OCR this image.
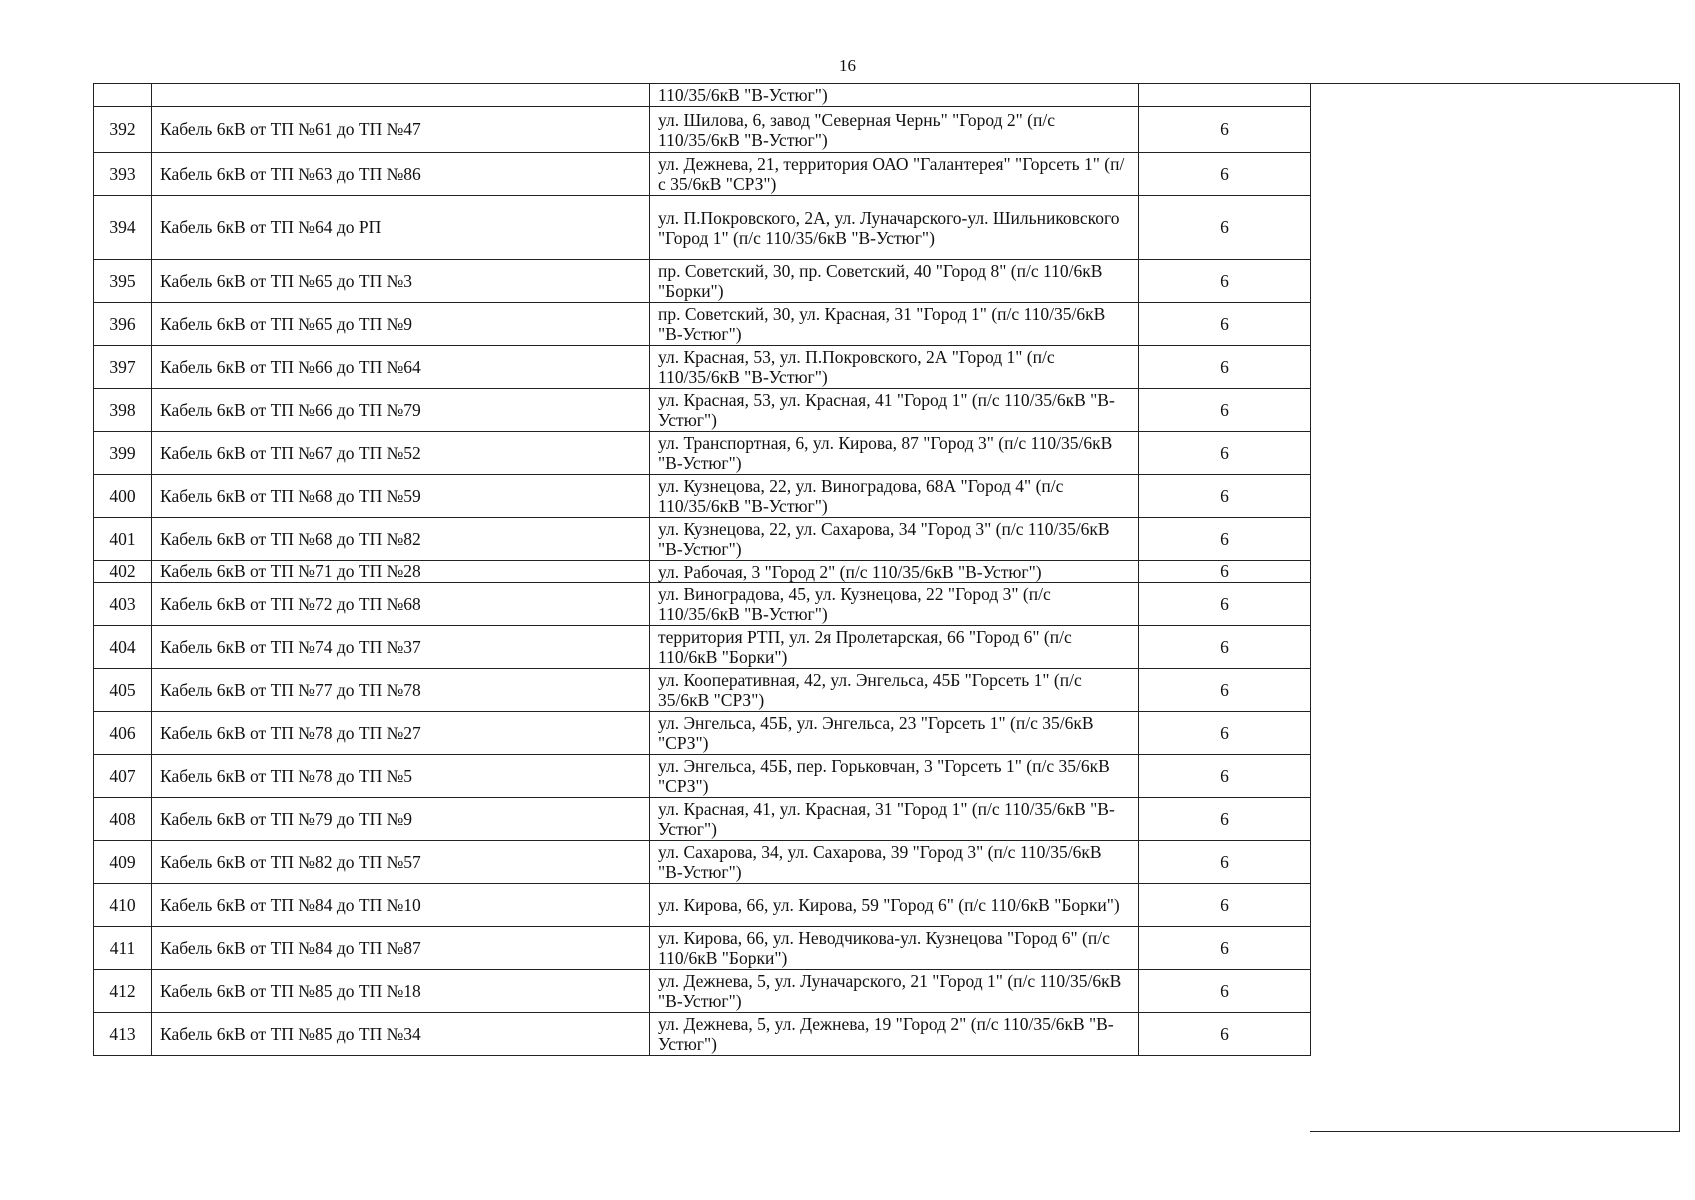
16
		110/35/6кВ "В-Устюг")	
392	Кабель 6кВ от ТП №61 до ТП №47	ул. Шилова, 6, завод "Северная Чернь" "Город 2" (п/с 110/35/6кВ "В-Устюг")	6
393	Кабель 6кВ от ТП №63 до ТП №86	ул. Дежнева, 21, территория ОАО "Галантерея" "Горсеть 1" (п/с 35/6кВ "СРЗ")	6
394	Кабель 6кВ от ТП №64 до РП	ул. П.Покровского, 2А, ул. Луначарского-ул. Шильниковского "Город 1" (п/с 110/35/6кВ "В-Устюг")	6
395	Кабель 6кВ от ТП №65 до ТП №3	пр. Советский, 30, пр. Советский, 40 "Город 8" (п/с 110/6кВ "Борки")	6
396	Кабель 6кВ от ТП №65 до ТП №9	пр. Советский, 30, ул. Красная, 31 "Город 1" (п/с 110/35/6кВ "В-Устюг")	6
397	Кабель 6кВ от ТП №66 до ТП №64	ул. Красная, 53, ул. П.Покровского, 2А "Город 1" (п/с 110/35/6кВ "В-Устюг")	6
398	Кабель 6кВ от ТП №66 до ТП №79	ул. Красная, 53, ул. Красная, 41 "Город 1" (п/с 110/35/6кВ "В-Устюг")	6
399	Кабель 6кВ от ТП №67 до ТП №52	ул. Транспортная, 6, ул. Кирова, 87 "Город 3" (п/с 110/35/6кВ "В-Устюг")	6
400	Кабель 6кВ от ТП №68 до ТП №59	ул. Кузнецова, 22, ул. Виноградова, 68А "Город 4" (п/с 110/35/6кВ "В-Устюг")	6
401	Кабель 6кВ от ТП №68 до ТП №82	ул. Кузнецова, 22, ул. Сахарова, 34 "Город 3" (п/с 110/35/6кВ "В-Устюг")	6
402	Кабель 6кВ от ТП №71 до ТП №28	ул. Рабочая, 3 "Город 2" (п/с 110/35/6кВ "В-Устюг")	6
403	Кабель 6кВ от ТП №72 до ТП №68	ул. Виноградова, 45, ул. Кузнецова, 22 "Город 3" (п/с 110/35/6кВ "В-Устюг")	6
404	Кабель 6кВ от ТП №74 до ТП №37	территория РТП, ул. 2я Пролетарская, 66 "Город 6" (п/с 110/6кВ "Борки")	6
405	Кабель 6кВ от ТП №77 до ТП №78	ул. Кооперативная, 42, ул. Энгельса, 45Б "Горсеть 1" (п/с 35/6кВ "СРЗ")	6
406	Кабель 6кВ от ТП №78 до ТП №27	ул. Энгельса, 45Б, ул. Энгельса, 23 "Горсеть 1" (п/с 35/6кВ "СРЗ")	6
407	Кабель 6кВ от ТП №78 до ТП №5	ул. Энгельса, 45Б, пер. Горьковчан, 3 "Горсеть 1" (п/с 35/6кВ "СРЗ")	6
408	Кабель 6кВ от ТП №79 до ТП №9	ул. Красная, 41, ул. Красная, 31 "Город 1" (п/с 110/35/6кВ "В-Устюг")	6
409	Кабель 6кВ от ТП №82 до ТП №57	ул. Сахарова, 34, ул. Сахарова, 39 "Город 3" (п/с 110/35/6кВ "В-Устюг")	6
410	Кабель 6кВ от ТП №84 до ТП №10	ул. Кирова, 66, ул. Кирова, 59 "Город 6" (п/с 110/6кВ "Борки")	6
411	Кабель 6кВ от ТП №84 до ТП №87	ул. Кирова, 66, ул. Неводчикова-ул. Кузнецова "Город 6" (п/с 110/6кВ "Борки")	6
412	Кабель 6кВ от ТП №85 до ТП №18	ул. Дежнева, 5, ул. Луначарского, 21 "Город 1" (п/с 110/35/6кВ "В-Устюг")	6
413	Кабель 6кВ от ТП №85 до ТП №34	ул. Дежнева, 5, ул. Дежнева, 19 "Город 2" (п/с 110/35/6кВ "В-Устюг")	6
